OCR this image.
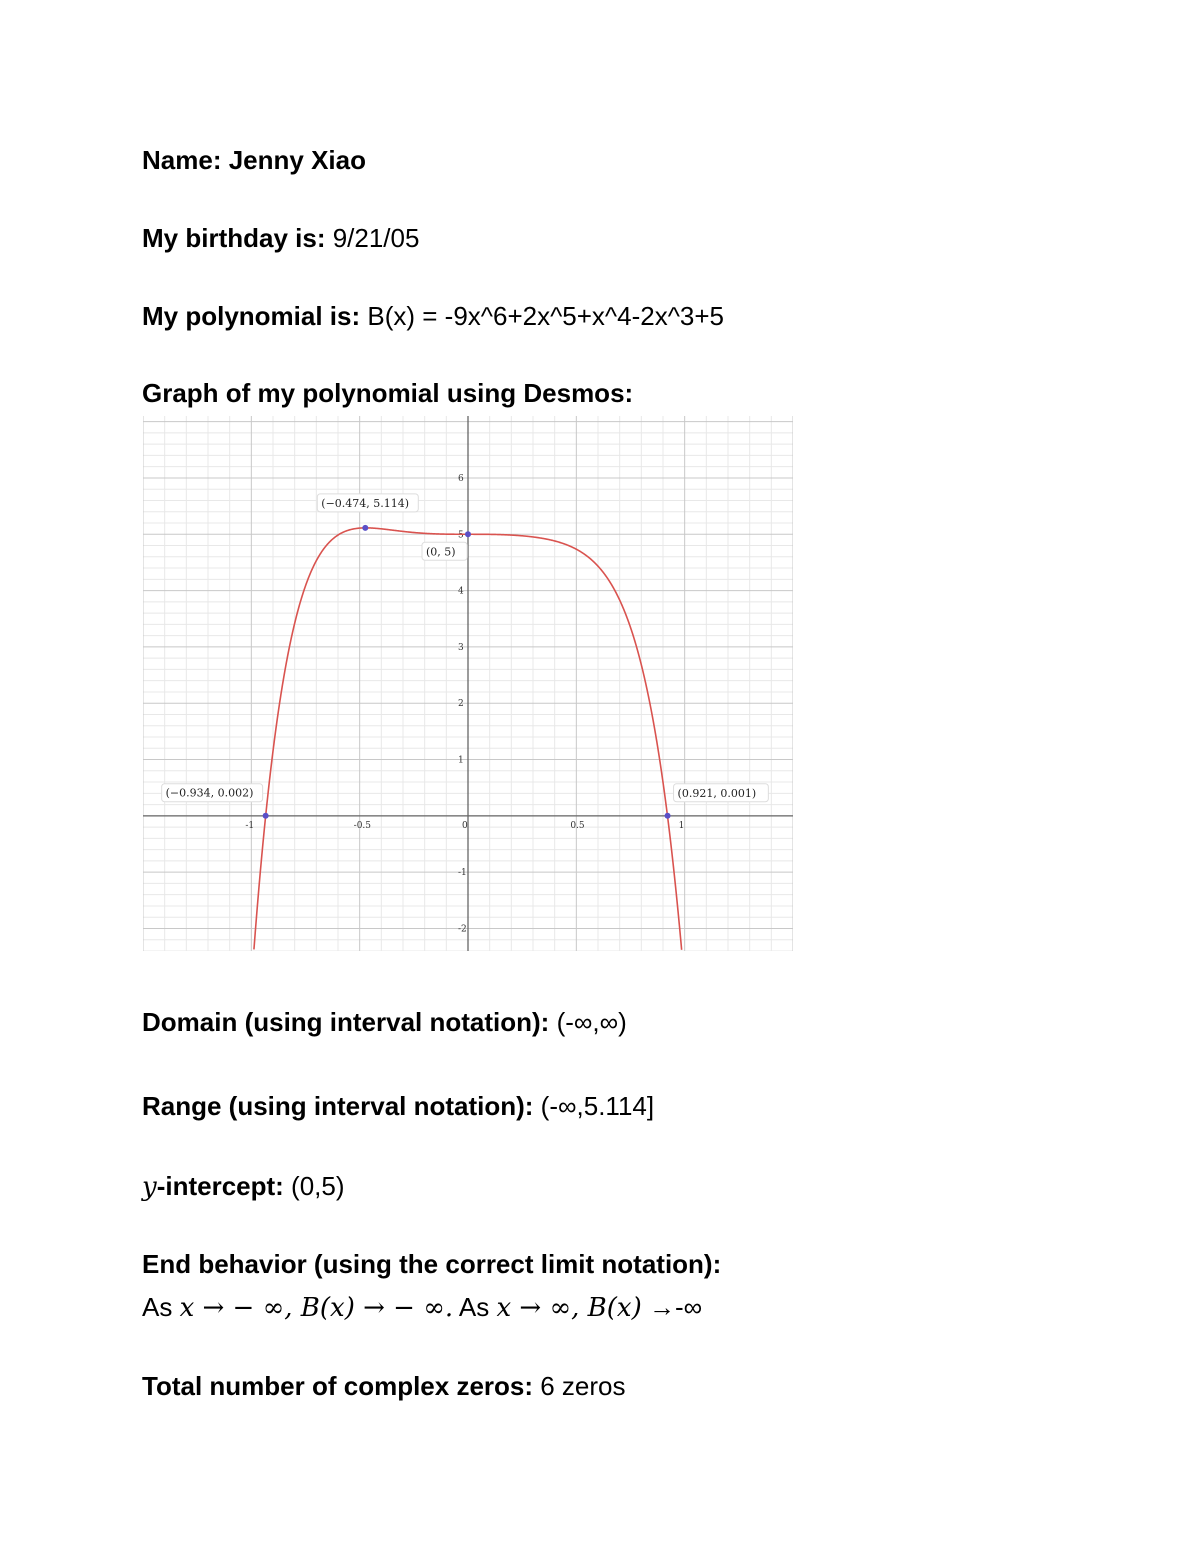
Name: Jenny Xiao
My birthday is: 9/21/05
My polynomial is: B(x) = -9x^6+2x^5+x^4-2x^3+5
Graph of my polynomial using Desmos:
-1	-0.5	0	0.5	1
-2
-1
1
2
3
4
5
6
(−0.474, 5.114)
(0, 5)
(−0.934, 0.002)	(0.921, 0.001)
Domain (using interval notation): (-∞,∞)
Range (using interval notation): (-∞,5.114]
y-intercept: (0,5)
End behavior (using the correct limit notation):
As x → − ∞, B(x) → − ∞. As x → ∞, B(x) →-∞
Total number of complex zeros: 6 zeros
